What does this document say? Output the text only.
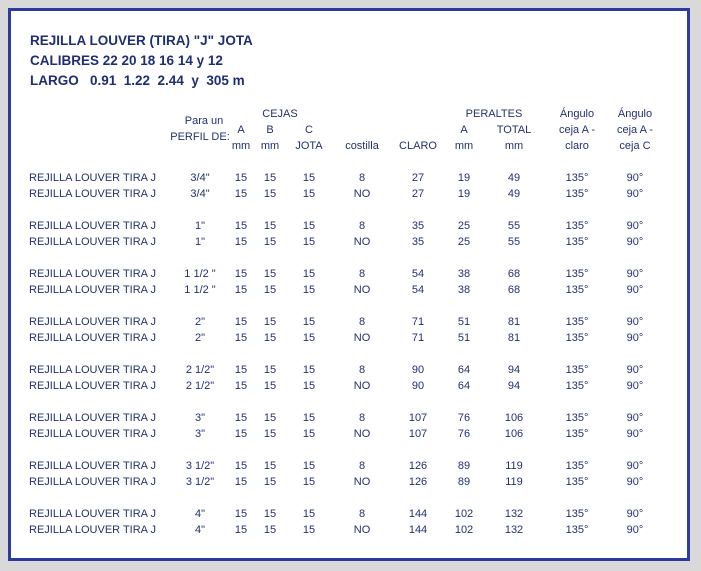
REJILLA LOUVER (TIRA) "J" JOTA
CALIBRES 22 20 18 16 14 y 12
LARGO   0.91  1.22  2.44  y  305 m
Para un
PERFIL DE:
CEJAS
A
mm
B
mm
C
JOTA costilla CLARO
PERALTES
A
mm
TOTAL
mm
Ángulo
ceja A -
claro
Ángulo
ceja A -
ceja C
REJILLA LOUVER TIRA J	3/4" 15 15 15	8	27	19	49	135°	90°
REJILLA LOUVER TIRA J	3/4" 15 15 15	NO	27	19	49	135°	90°
REJILLA LOUVER TIRA J	1"	15 15 15	8	35	25	55	135°	90°
REJILLA LOUVER TIRA J	1"	15 15 15	NO	35	25	55	135°	90°
REJILLA LOUVER TIRA J	1 1/2 " 15 15 15	8	54	38	68	135°	90°
REJILLA LOUVER TIRA J	1 1/2 " 15 15 15	NO	54	38	68	135°	90°
REJILLA LOUVER TIRA J	2"	15 15 15	8	71	51	81	135°	90°
REJILLA LOUVER TIRA J	2"	15 15 15	NO	71	51	81	135°	90°
REJILLA LOUVER TIRA J	2 1/2" 15 15 15	8	90	64	94	135°	90°
REJILLA LOUVER TIRA J	2 1/2" 15 15 15	NO	90	64	94	135°	90°
REJILLA LOUVER TIRA J	3"	15 15 15	8	107	76	106	135°	90°
REJILLA LOUVER TIRA J	3"	15 15 15	NO	107	76	106	135°	90°
REJILLA LOUVER TIRA J	3 1/2" 15 15 15	8	126	89	119	135°	90°
REJILLA LOUVER TIRA J	3 1/2" 15 15 15	NO	126	89	119	135°	90°
REJILLA LOUVER TIRA J	4"	15 15 15	8	144	102	132	135°	90°
REJILLA LOUVER TIRA J	4"	15 15 15	NO	144	102	132	135°	90°
